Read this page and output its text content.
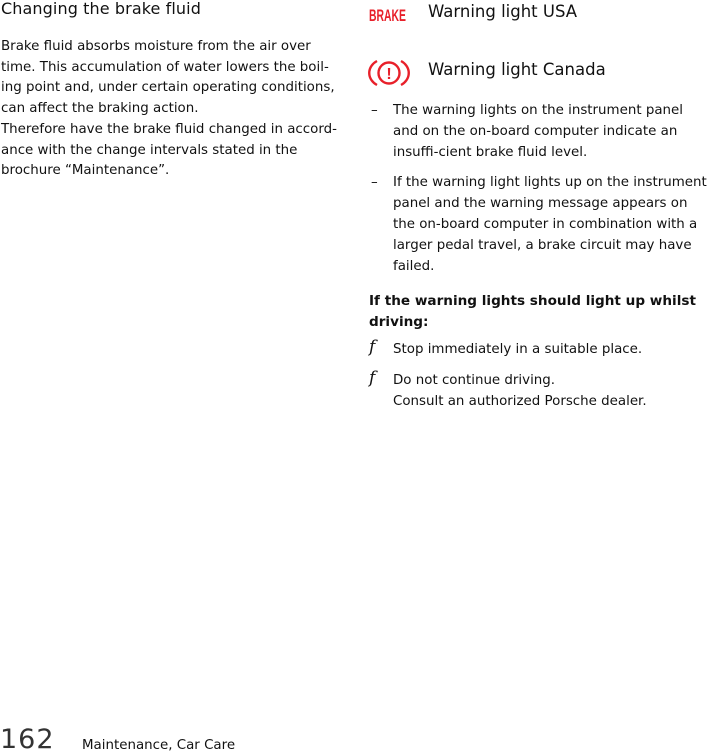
Changing the brake fluid

Brake fluid absorbs moisture from the air over time. This accumulation of water lowers the boil-ing point and, under certain operating conditions, can affect the braking action.

Therefore have the brake fluid changed in accord-ance with the change intervals stated in the brochure “Maintenance”.

BRAKE Warning light USA
! Warning light Canada
– The warning lights on the instrument panel and on the on-board computer indicate an insuffi-cient brake fluid level.
– If the warning light lights up on the instrument panel and the warning message appears on the on-board computer in combination with a larger pedal travel, a brake circuit may have failed.

If the warning lights should light up whilst driving:

f Stop immediately in a suitable place.
f Do not continue driving.
Consult an authorized Porsche dealer.
162 Maintenance, Car Care
